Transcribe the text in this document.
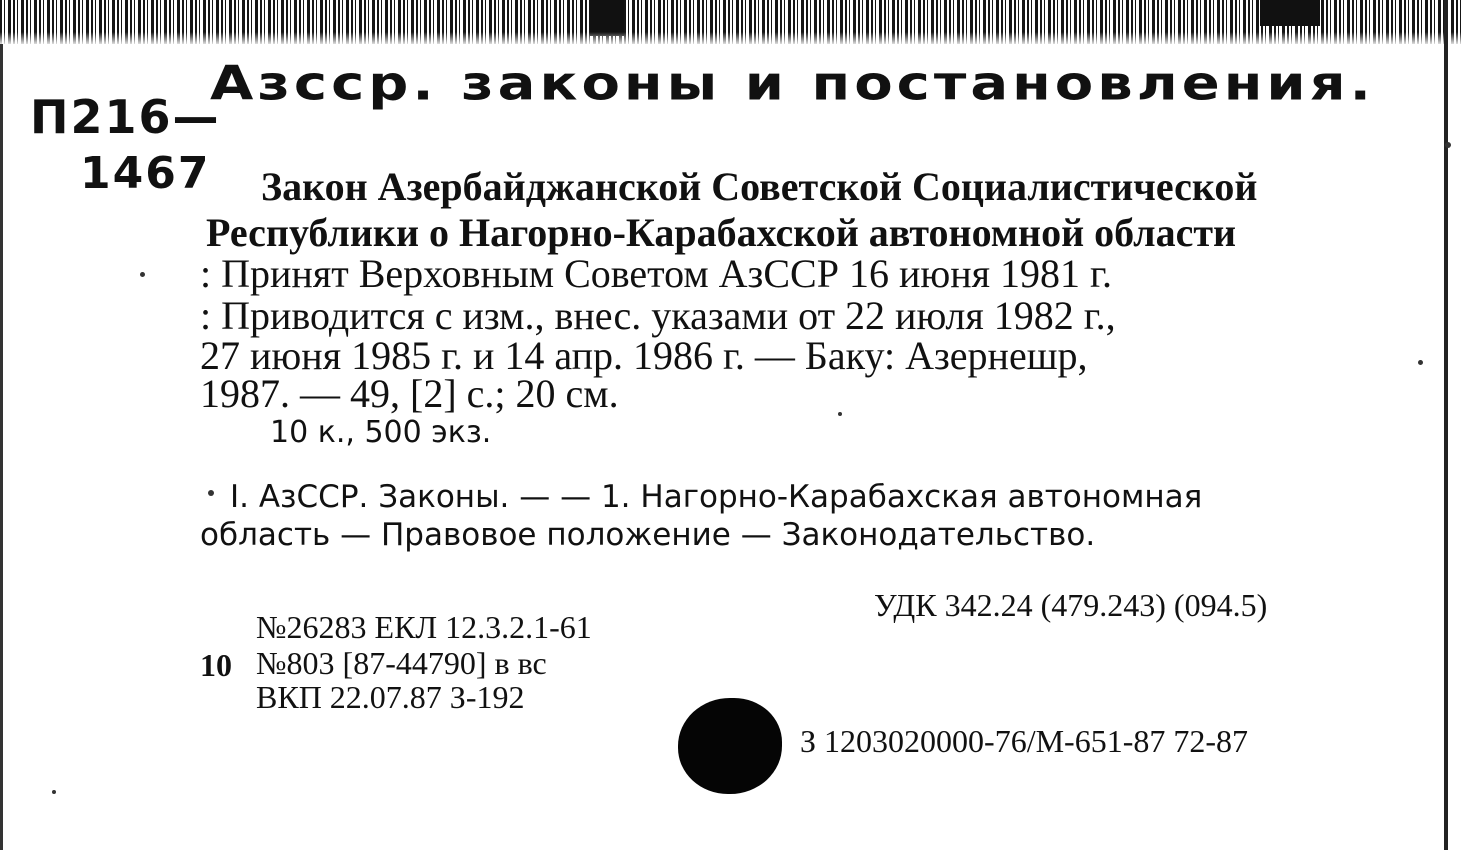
Азсср. законы и постановления.
П216—
1467	Закон Азербайджанской Советской Социалистической
Республики о Нагорно-Карабахской автономной области
: Принят Верховным Советом АзССР 16 июня 1981 г.
: Приводится с изм., внес. указами от 22 июля 1982 г.,
27 июня 1985 г. и 14 апр. 1986 г. — Баку: Азернешр,
1987. — 49, [2] с.; 20 см.
10 к., 500 экз.
I. АзССР. Законы. — — 1. Нагорно-Карабахская автономная
область — Правовое положение — Законодательство.
УДК 342.24 (479.243) (094.5)
10
№26283 ЕКЛ 12.3.2.1-61
№803 [87-44790] в вс
ВКП 22.07.87 З-192
З 1203020000-76/М-651-87 72-87
